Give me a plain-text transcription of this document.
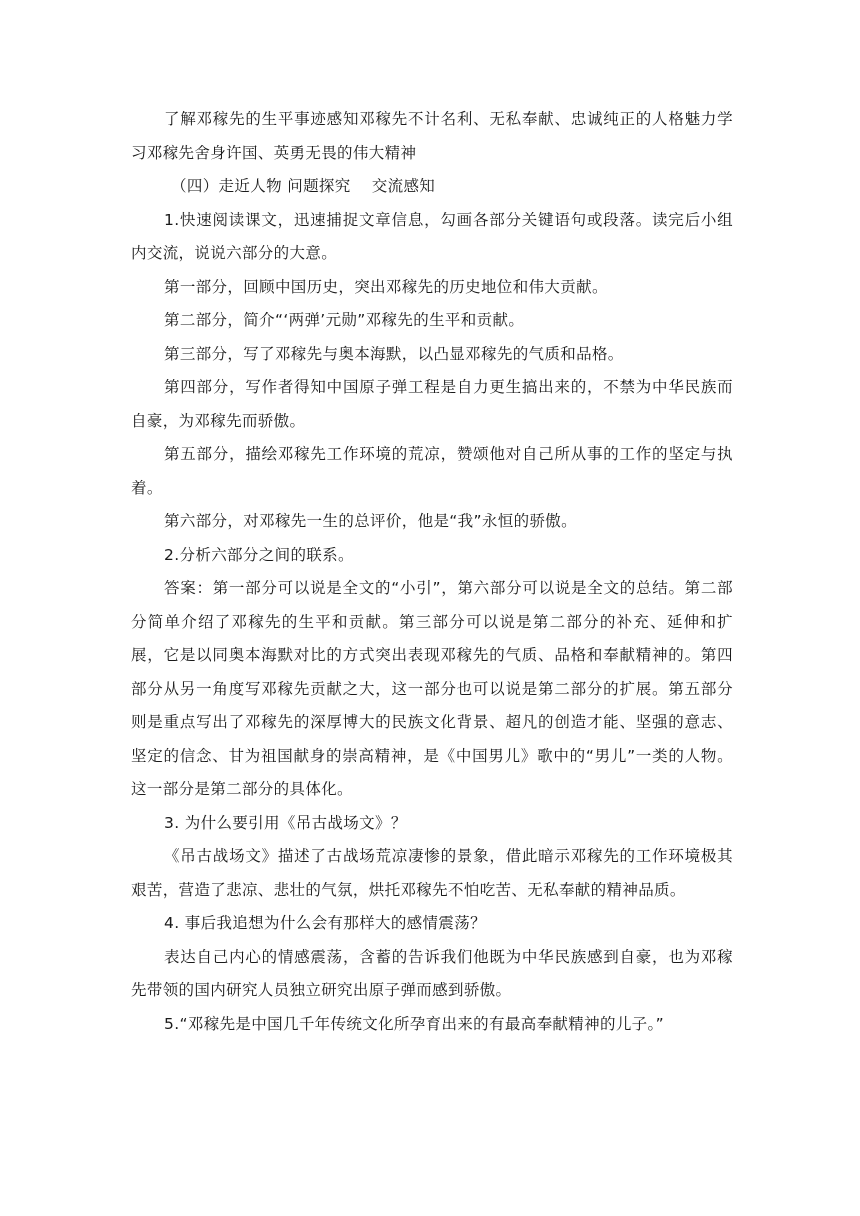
了解邓稼先的生平事迹感知邓稼先不计名利、无私奉献、忠诚纯正的人格魅力学习邓稼先舍身许国、英勇无畏的伟大精神

（四）走近人物 问题探究　 交流感知

1.快速阅读课文，迅速捕捉文章信息，勾画各部分关键语句或段落。读完后小组内交流，说说六部分的大意。

第一部分，回顾中国历史，突出邓稼先的历史地位和伟大贡献。

第二部分，简介“‘两弹’元勋”邓稼先的生平和贡献。

第三部分，写了邓稼先与奥本海默，以凸显邓稼先的气质和品格。

第四部分，写作者得知中国原子弹工程是自力更生搞出来的，不禁为中华民族而自豪，为邓稼先而骄傲。

第五部分，描绘邓稼先工作环境的荒凉，赞颂他对自己所从事的工作的坚定与执着。

第六部分，对邓稼先一生的总评价，他是“我”永恒的骄傲。

2.分析六部分之间的联系。

答案：第一部分可以说是全文的“小引”，第六部分可以说是全文的总结。第二部分简单介绍了邓稼先的生平和贡献。第三部分可以说是第二部分的补充、延伸和扩展，它是以同奥本海默对比的方式突出表现邓稼先的气质、品格和奉献精神的。第四部分从另一角度写邓稼先贡献之大，这一部分也可以说是第二部分的扩展。第五部分则是重点写出了邓稼先的深厚博大的民族文化背景、超凡的创造才能、坚强的意志、坚定的信念、甘为祖国献身的崇高精神，是《中国男儿》歌中的“男儿”一类的人物。这一部分是第二部分的具体化。

3. 为什么要引用《吊古战场文》？

《吊古战场文》描述了古战场荒凉凄惨的景象，借此暗示邓稼先的工作环境极其艰苦，营造了悲凉、悲壮的气氛，烘托邓稼先不怕吃苦、无私奉献的精神品质。

4. 事后我追想为什么会有那样大的感情震荡？

表达自己内心的情感震荡，含蓄的告诉我们他既为中华民族感到自豪，也为邓稼先带领的国内研究人员独立研究出原子弹而感到骄傲。

5.“邓稼先是中国几千年传统文化所孕育出来的有最高奉献精神的儿子。”
